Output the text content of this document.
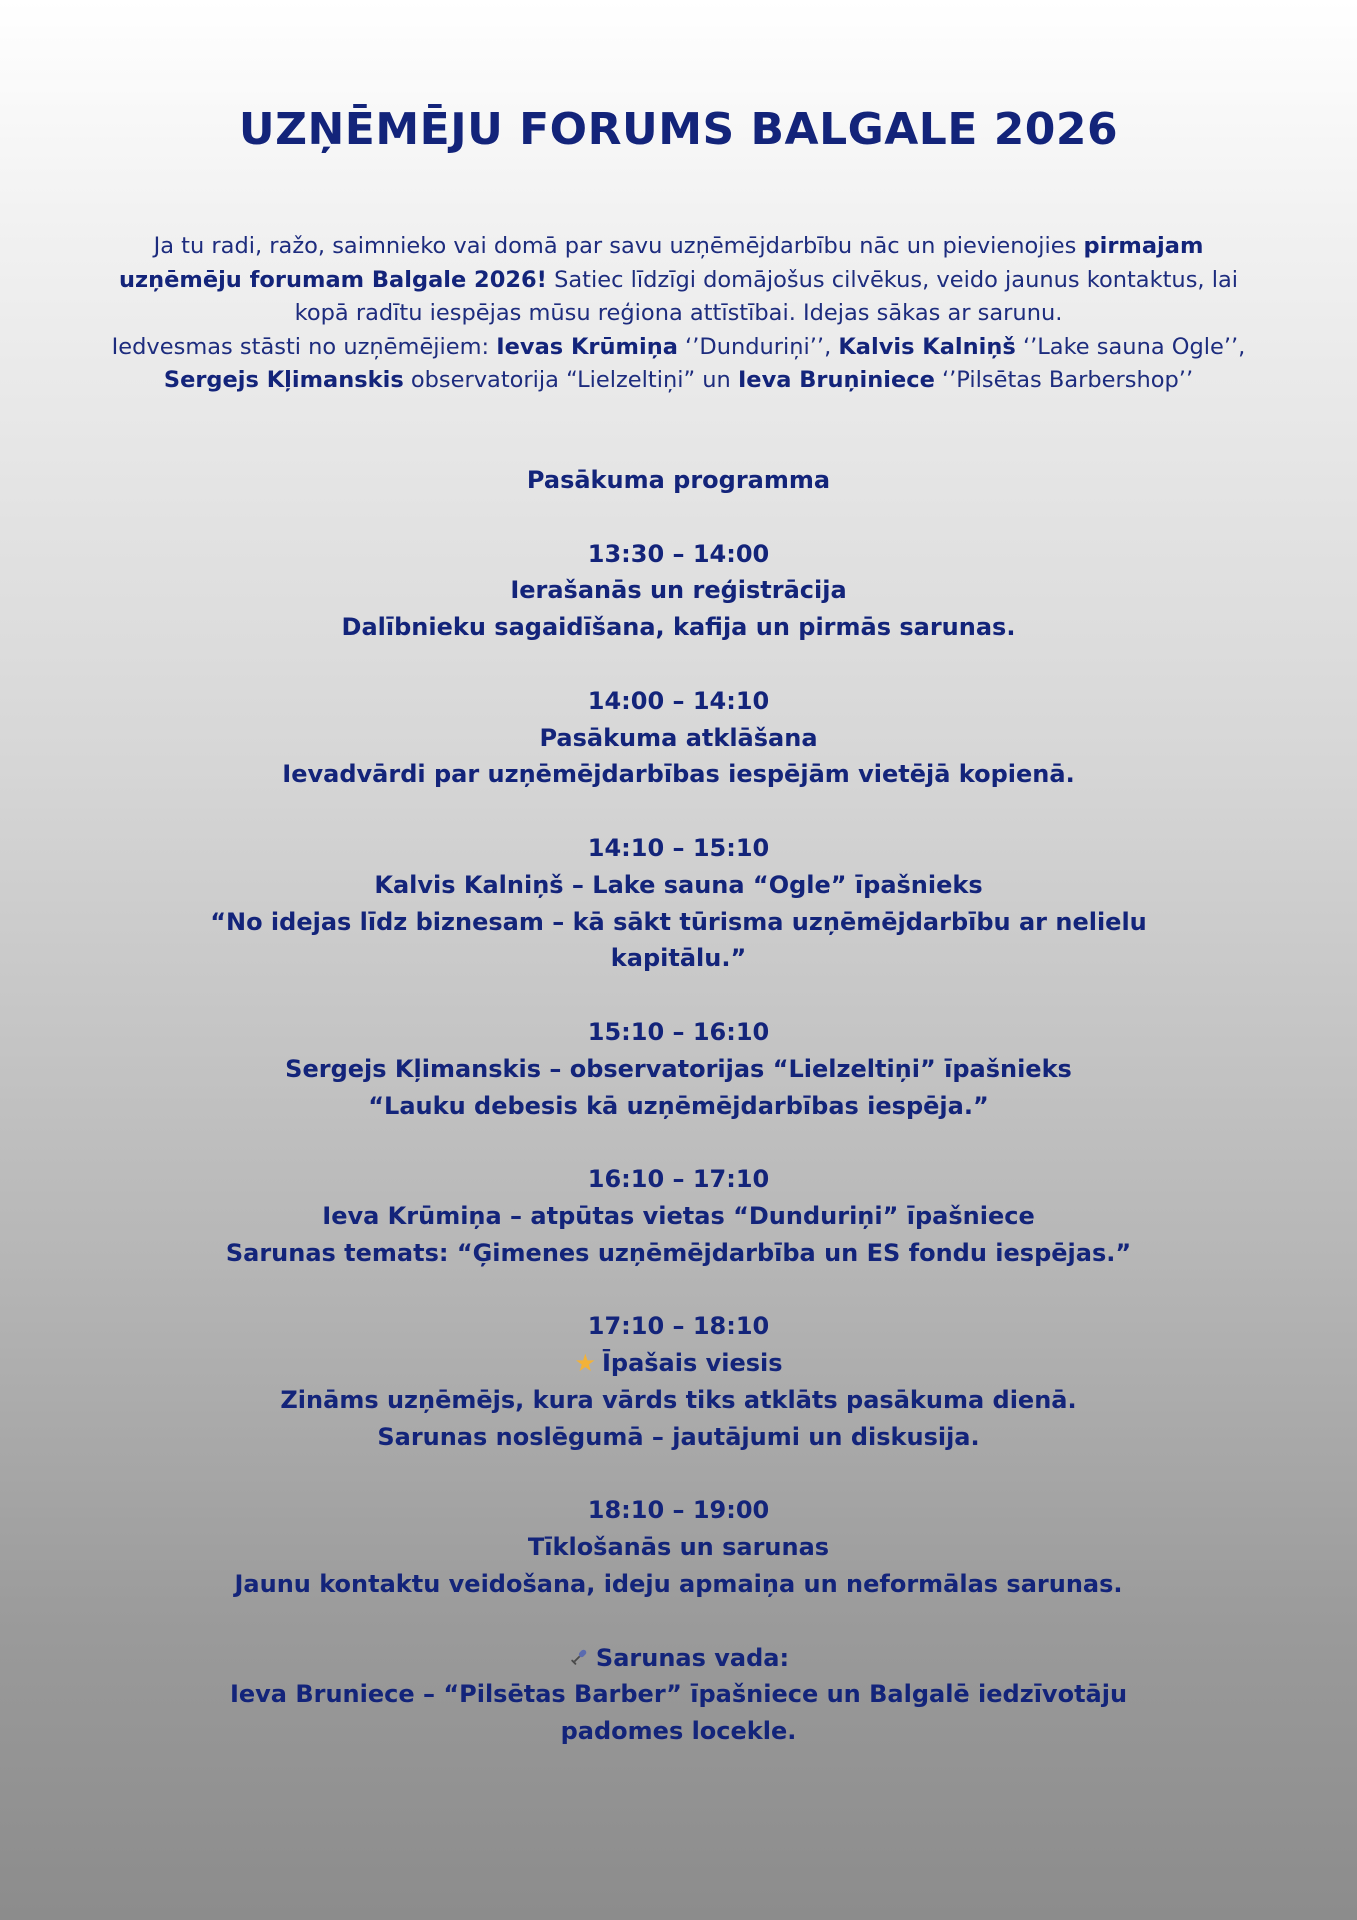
UZŅĒMĒJU FORUMS BALGALE 2026
Ja tu radi, ražo, saimnieko vai domā par savu uzņēmējdarbību nāc un pievienojies pirmajam uzņēmēju forumam Balgale 2026! Satiec līdzīgi domājošus cilvēkus, veido jaunus kontaktus, lai kopā radītu iespējas mūsu reģiona attīstībai. Idejas sākas ar sarunu.
Iedvesmas stāsti no uzņēmējiem: Ievas Krūmiņa ‘’Dunduriņi’’, Kalvis Kalniņš ‘’Lake sauna Ogle’’, Sergejs Kļimanskis observatorija “Lielzeltiņi” un Ieva Bruņiniece ‘’Pilsētas Barbershop’’
Pasākuma programma
13:30 – 14:00
Ierašanās un reģistrācija
Dalībnieku sagaidīšana, kafija un pirmās sarunas.
14:00 – 14:10
Pasākuma atklāšana
Ievadvārdi par uzņēmējdarbības iespējām vietējā kopienā.
14:10 – 15:10
Kalvis Kalniņš – Lake sauna “Ogle” īpašnieks
“No idejas līdz biznesam – kā sākt tūrisma uzņēmējdarbību ar nelielu
kapitālu.”
15:10 – 16:10
Sergejs Kļimanskis – observatorijas “Lielzeltiņi” īpašnieks
“Lauku debesis kā uzņēmējdarbības iespēja.”
16:10 – 17:10
Ieva Krūmiņa – atpūtas vietas “Dunduriņi” īpašniece
Sarunas temats: “Ģimenes uzņēmējdarbība un ES fondu iespējas.”
17:10 – 18:10
★ Īpašais viesis
Zināms uzņēmējs, kura vārds tiks atklāts pasākuma dienā.
Sarunas noslēgumā – jautājumi un diskusija.
18:10 – 19:00
Tīklošanās un sarunas
Jaunu kontaktu veidošana, ideju apmaiņa un neformālas sarunas.
Sarunas vada:
Ieva Bruniece – “Pilsētas Barber” īpašniece un Balgalē iedzīvotāju
padomes locekle.
